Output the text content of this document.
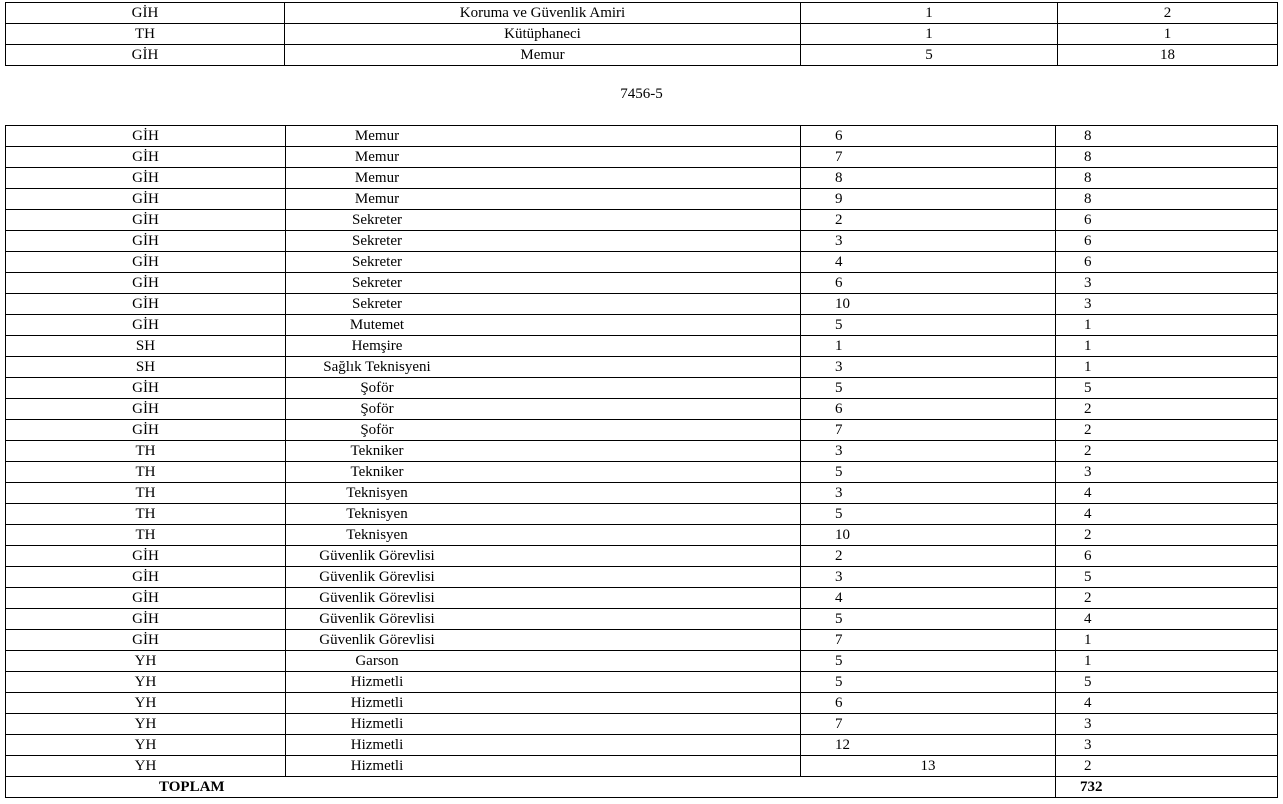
GİH	Koruma ve Güvenlik Amiri	1	2
TH	Kütüphaneci	1	1
GİH	Memur	5	18
7456-5
GİH	Memur	6	8
GİH	Memur	7	8
GİH	Memur	8	8
GİH	Memur	9	8
GİH	Sekreter	2	6
GİH	Sekreter	3	6
GİH	Sekreter	4	6
GİH	Sekreter	6	3
GİH	Sekreter	10	3
GİH	Mutemet	5	1
SH	Hemşire	1	1
SH	Sağlık Teknisyeni	3	1
GİH	Şoför	5	5
GİH	Şoför	6	2
GİH	Şoför	7	2
TH	Tekniker	3	2
TH	Tekniker	5	3
TH	Teknisyen	3	4
TH	Teknisyen	5	4
TH	Teknisyen	10	2
GİH	Güvenlik Görevlisi	2	6
GİH	Güvenlik Görevlisi	3	5
GİH	Güvenlik Görevlisi	4	2
GİH	Güvenlik Görevlisi	5	4
GİH	Güvenlik Görevlisi	7	1
YH	Garson	5	1
YH	Hizmetli	5	5
YH	Hizmetli	6	4
YH	Hizmetli	7	3
YH	Hizmetli	12	3
YH	Hizmetli	13	2
TOPLAM			732
